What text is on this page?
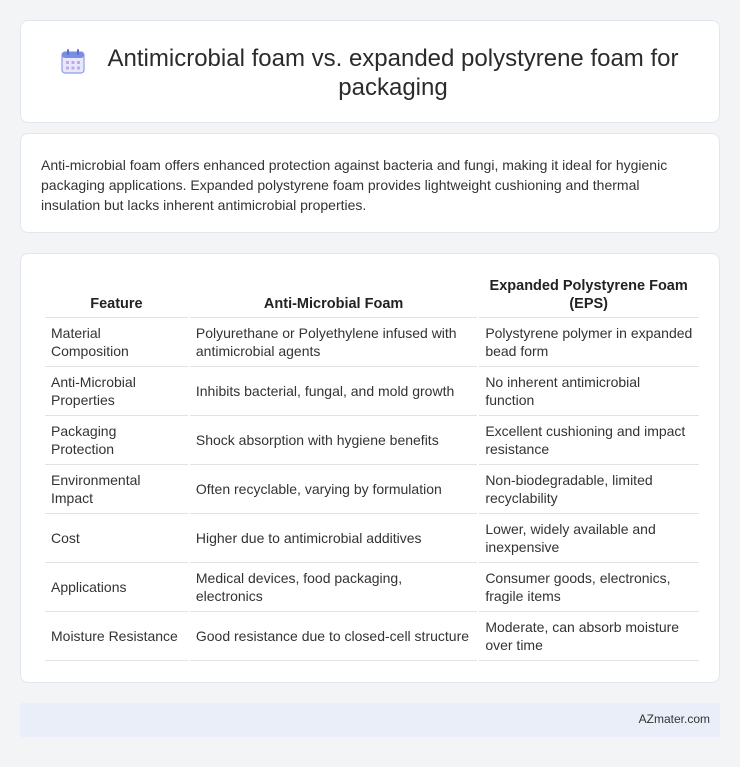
Antimicrobial foam vs. expanded polystyrene foam for packaging

Anti-microbial foam offers enhanced protection against bacteria and fungi, making it ideal for hygienic packaging applications. Expanded polystyrene foam provides lightweight cushioning and thermal insulation but lacks inherent antimicrobial properties.

Feature	Anti-Microbial Foam	Expanded Polystyrene Foam (EPS)
Material Composition	Polyurethane or Polyethylene infused with antimicrobial agents	Polystyrene polymer in expanded bead form
Anti-Microbial Properties	Inhibits bacterial, fungal, and mold growth	No inherent antimicrobial function
Packaging Protection	Shock absorption with hygiene benefits	Excellent cushioning and impact resistance
Environmental Impact	Often recyclable, varying by formulation	Non-biodegradable, limited recyclability
Cost	Higher due to antimicrobial additives	Lower, widely available and inexpensive
Applications	Medical devices, food packaging, electronics	Consumer goods, electronics, fragile items
Moisture Resistance	Good resistance due to closed-cell structure	Moderate, can absorb moisture over time
AZmater.com
